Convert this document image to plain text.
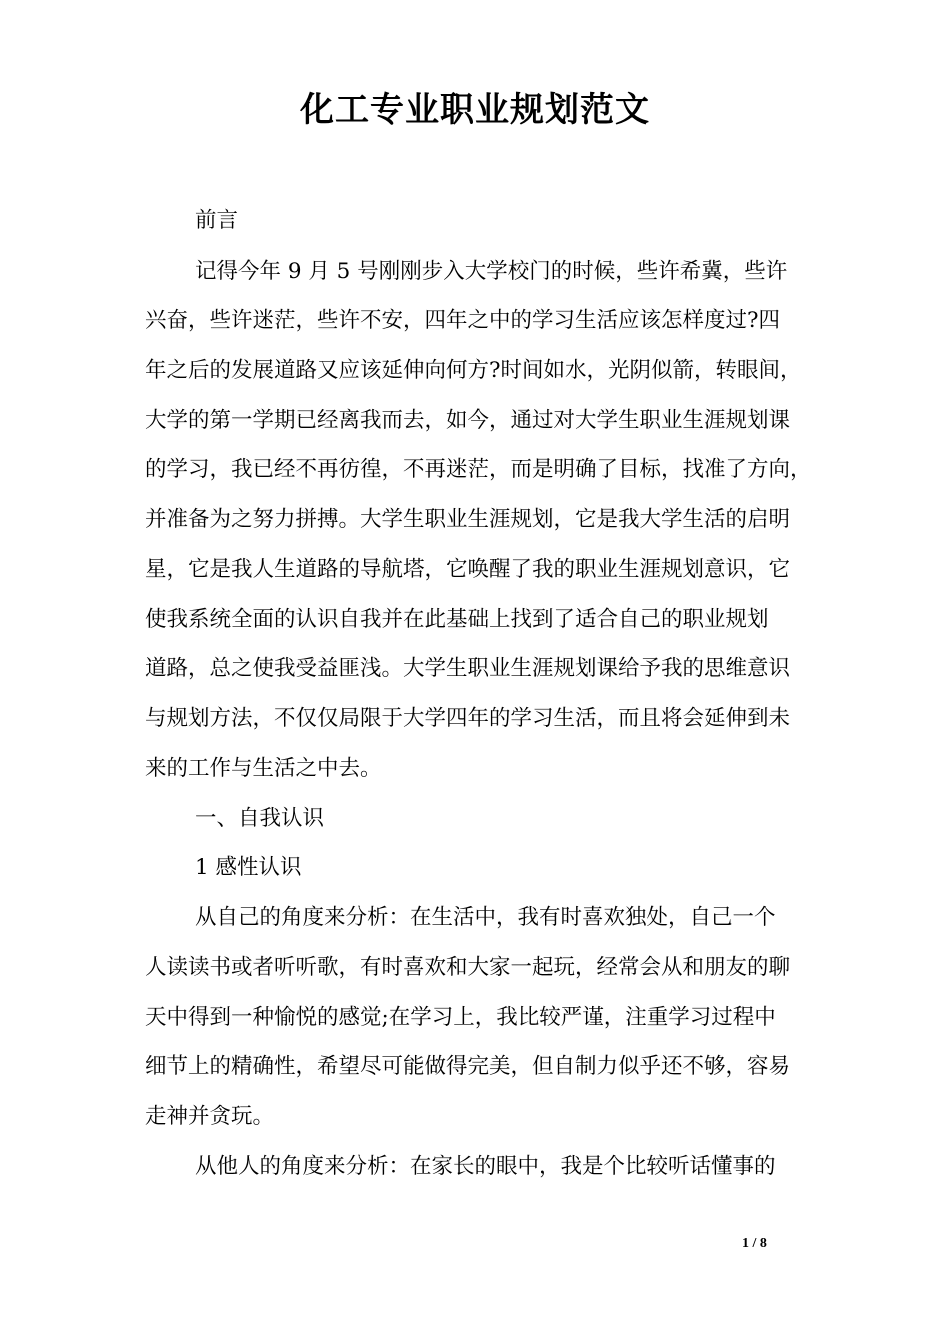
化工专业职业规划范文
前言
记得今年 9 月 5 号刚刚步入大学校门的时候，些许希冀，些许
兴奋，些许迷茫，些许不安，四年之中的学习生活应该怎样度过?四
年之后的发展道路又应该延伸向何方?时间如水，光阴似箭，转眼间，
大学的第一学期已经离我而去，如今，通过对大学生职业生涯规划课
的学习，我已经不再彷徨，不再迷茫，而是明确了目标，找准了方向，
并准备为之努力拼搏。大学生职业生涯规划，它是我大学生活的启明
星，它是我人生道路的导航塔，它唤醒了我的职业生涯规划意识，它
使我系统全面的认识自我并在此基础上找到了适合自己的职业规划
道路，总之使我受益匪浅。大学生职业生涯规划课给予我的思维意识
与规划方法，不仅仅局限于大学四年的学习生活，而且将会延伸到未
来的工作与生活之中去。
一、自我认识
1 感性认识
从自己的角度来分析：在生活中，我有时喜欢独处，自己一个
人读读书或者听听歌，有时喜欢和大家一起玩，经常会从和朋友的聊
天中得到一种愉悦的感觉;在学习上，我比较严谨，注重学习过程中
细节上的精确性，希望尽可能做得完美，但自制力似乎还不够，容易
走神并贪玩。
从他人的角度来分析：在家长的眼中，我是个比较听话懂事的
1 / 8
